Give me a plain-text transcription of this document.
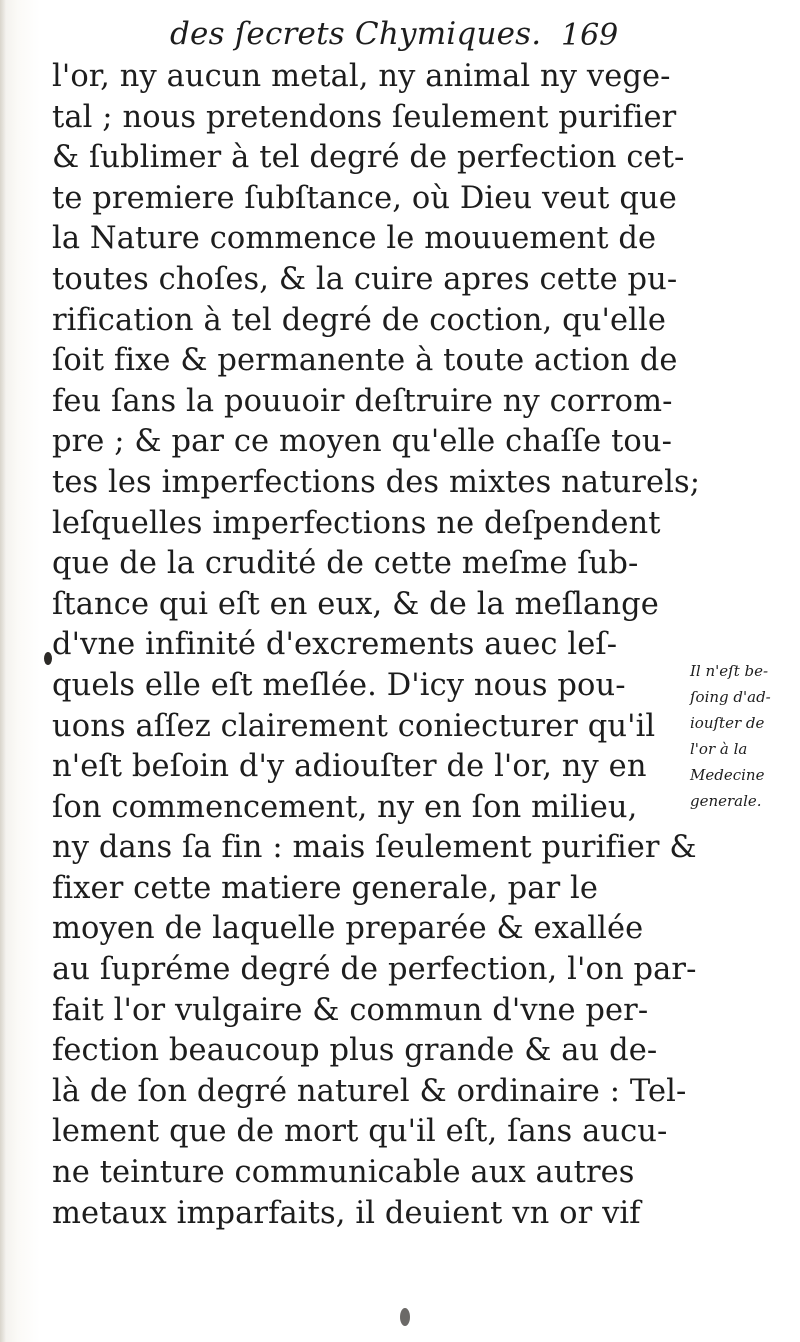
des ſecrets Chymiques. 169
l'or, ny aucun metal, ny animal ny vege-
tal ; nous pretendons ſeulement purifier
& ſublimer à tel degré de perfection cet-
te premiere ſubſtance, où Dieu veut que
la Nature commence le mouuement de
toutes choſes, & la cuire apres cette pu-
rification à tel degré de coction, qu'elle
ſoit fixe & permanente à toute action de
feu ſans la pouuoir deſtruire ny corrom-
pre ; & par ce moyen qu'elle chaſſe tou-
tes les imperfections des mixtes naturels;
leſquelles imperfections ne deſpendent
que de la crudité de cette meſme ſub-
ſtance qui eſt en eux, & de la meſlange
d'vne infinité d'excrements auec leſ-
quels elle eſt meſlée. D'icy nous pou-
uons aſſez clairement coniecturer qu'il
n'eſt beſoin d'y adiouſter de l'or, ny en
ſon commencement, ny en ſon milieu,
ny dans ſa fin : mais ſeulement purifier &
fixer cette matiere generale, par le
moyen de laquelle preparée & exallée
au ſupréme degré de perfection, l'on par-
fait l'or vulgaire & commun d'vne per-
fection beaucoup plus grande & au de-
là de ſon degré naturel & ordinaire : Tel-
lement que de mort qu'il eſt, ſans aucu-
ne teinture communicable aux autres
metaux imparfaits, il deuient vn or vif
Il n'eſt be-
ſoing d'ad-
iouſter de
l'or à la
Medecine
generale.
